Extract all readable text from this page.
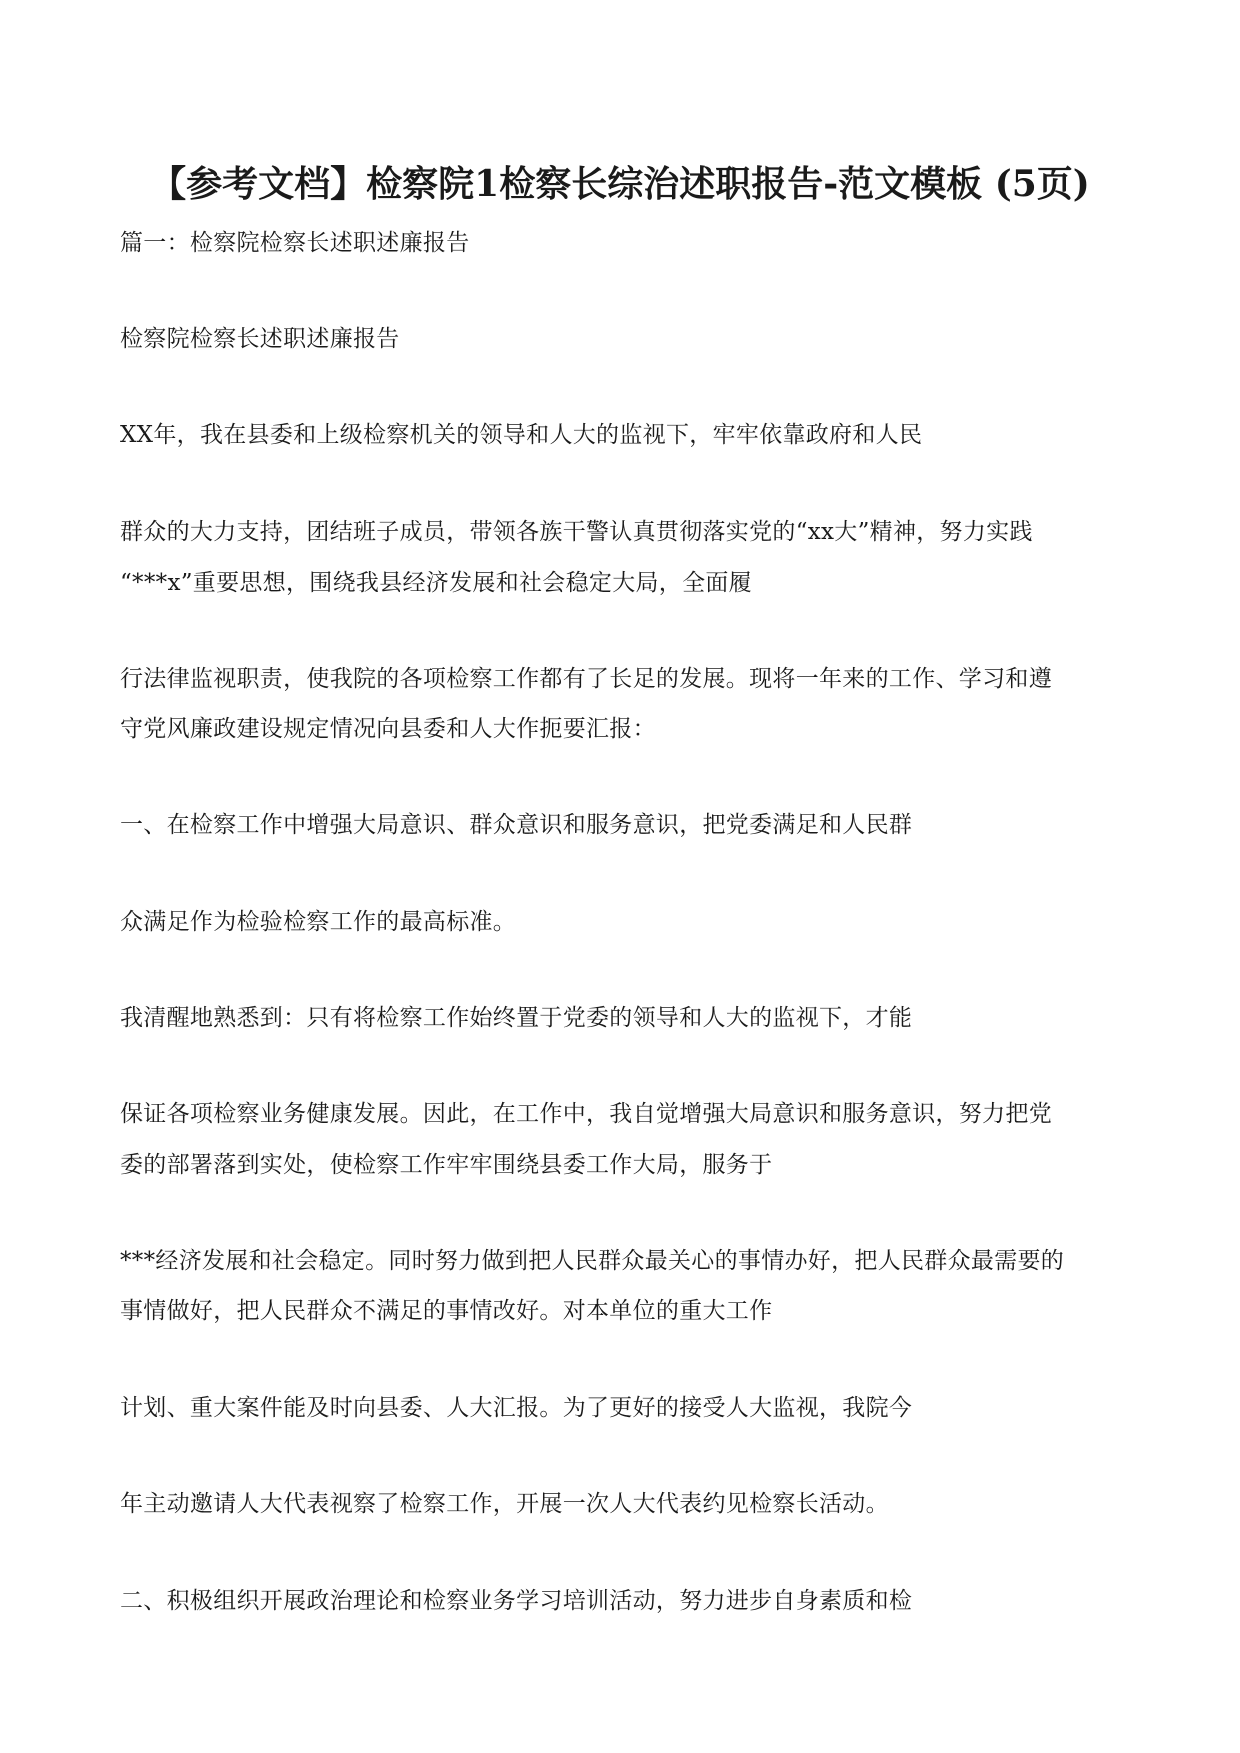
【参考文档】检察院1检察长综治述职报告-范文模板 (5页)
篇一：检察院检察长述职述廉报告
检察院检察长述职述廉报告
XX年，我在县委和上级检察机关的领导和人大的监视下，牢牢依靠政府和人民
群众的大力支持，团结班子成员，带领各族干警认真贯彻落实党的“xx大”精神，努力实践
“***x”重要思想，围绕我县经济发展和社会稳定大局，全面履
行法律监视职责，使我院的各项检察工作都有了长足的发展。现将一年来的工作、学习和遵
守党风廉政建设规定情况向县委和人大作扼要汇报：
一、在检察工作中增强大局意识、群众意识和服务意识，把党委满足和人民群
众满足作为检验检察工作的最高标准。
我清醒地熟悉到：只有将检察工作始终置于党委的领导和人大的监视下，才能
保证各项检察业务健康发展。因此，在工作中，我自觉增强大局意识和服务意识，努力把党
委的部署落到实处，使检察工作牢牢围绕县委工作大局，服务于
***经济发展和社会稳定。同时努力做到把人民群众最关心的事情办好，把人民群众最需要的
事情做好，把人民群众不满足的事情改好。对本单位的重大工作
计划、重大案件能及时向县委、人大汇报。为了更好的接受人大监视，我院今
年主动邀请人大代表视察了检察工作，开展一次人大代表约见检察长活动。
二、积极组织开展政治理论和检察业务学习培训活动，努力进步自身素质和检
